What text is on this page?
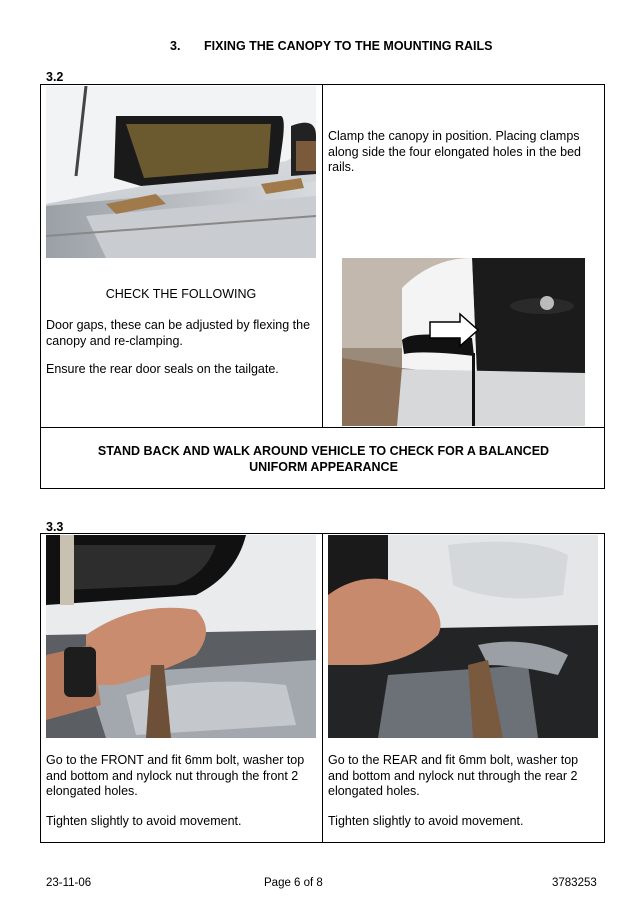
3. FIXING THE CANOPY TO THE MOUNTING RAILS
3.2
Clamp the canopy in position. Placing clamps along side the four elongated holes in the bed rails.
CHECK THE FOLLOWING
Door gaps, these can be adjusted by flexing the canopy and re-clamping.
Ensure the rear door seals on the tailgate.
STAND BACK AND WALK AROUND VEHICLE TO CHECK FOR A BALANCED UNIFORM APPEARANCE
3.3
Go to the FRONT and fit 6mm bolt, washer top and bottom and nylock nut through the front 2 elongated holes.
Tighten slightly to avoid movement.
Go to the REAR and fit 6mm bolt, washer top and bottom and nylock nut through the rear 2 elongated holes.
Tighten slightly to avoid movement.
23-11-06	Page 6 of 8	3783253
